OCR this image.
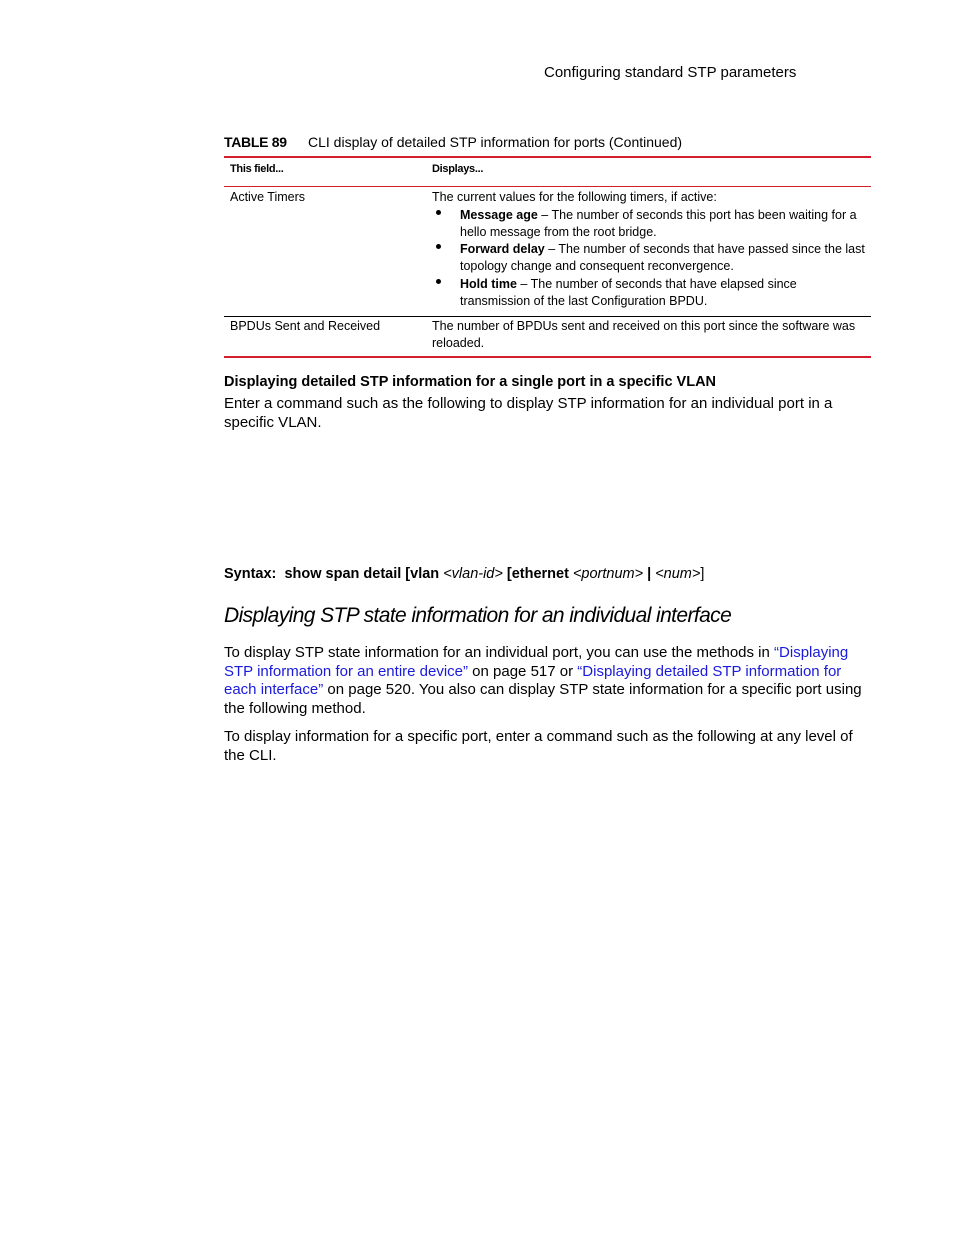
Configuring standard STP parameters
TABLE 89 CLI display of detailed STP information for ports (Continued)
This field...	Displays...
Active Timers	The current values for the following timers, if active:
Message age – The number of seconds this port has been waiting for a hello message from the root bridge.
Forward delay – The number of seconds that have passed since the last topology change and consequent reconvergence.
Hold time – The number of seconds that have elapsed since transmission of the last Configuration BPDU.
BPDUs Sent and Received	The number of BPDUs sent and received on this port since the software was reloaded.
Displaying detailed STP information for a single port in a specific VLAN
Enter a command such as the following to display STP information for an individual port in a specific VLAN.
Syntax: show span detail [vlan <vlan-id> [ethernet <portnum> | <num>]
Displaying STP state information for an individual interface
To display STP state information for an individual port, you can use the methods in “Displaying STP information for an entire device” on page 517 or “Displaying detailed STP information for each interface” on page 520. You also can display STP state information for a specific port using the following method.
To display information for a specific port, enter a command such as the following at any level of the CLI.
